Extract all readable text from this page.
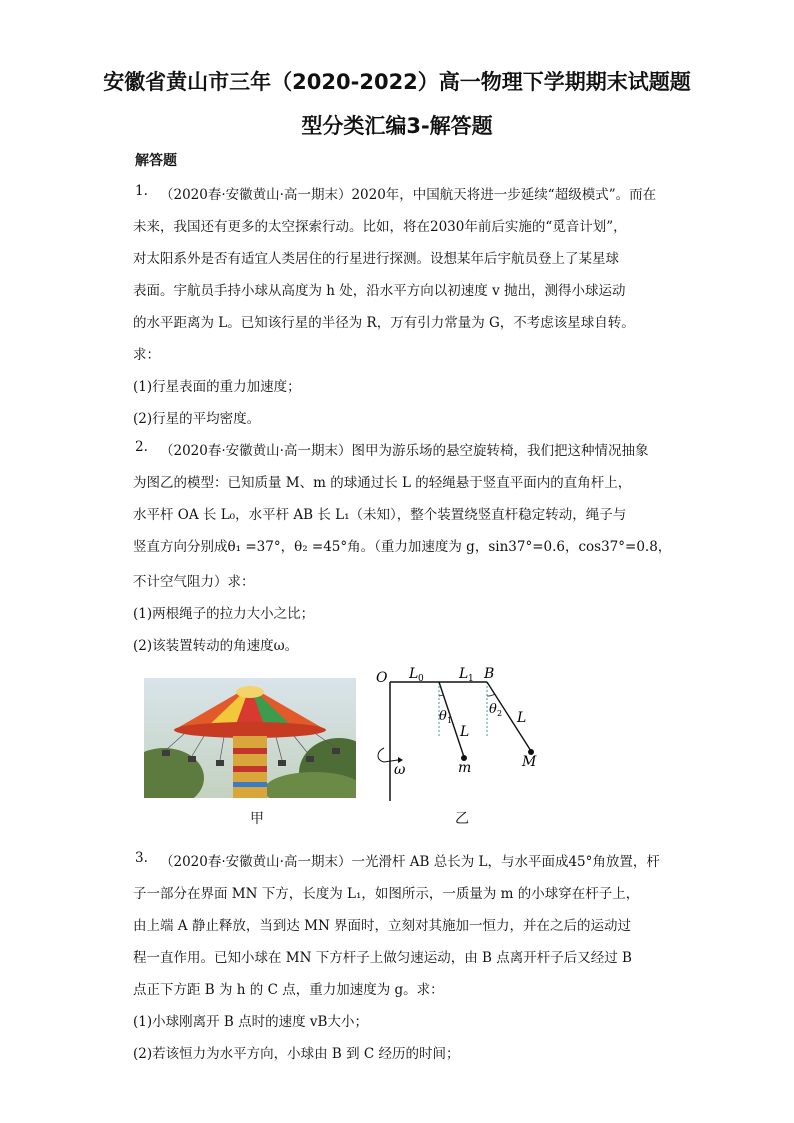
安徽省黄山市三年（2020-2022）高一物理下学期期末试题题
型分类汇编3-解答题
解答题
1. （2020春·安徽黄山·高一期末）2020年，中国航天将进一步延续“超级模式”。而在
未来，我国还有更多的太空探索行动。比如，将在2030年前后实施的“觅音计划”，
对太阳系外是否有适宜人类居住的行星进行探测。设想某年后宇航员登上了某星球
表面。宇航员手持小球从高度为 h 处，沿水平方向以初速度 v 抛出，测得小球运动
的水平距离为 L。已知该行星的半径为 R，万有引力常量为 G，不考虑该星球自转。
求：
(1)行星表面的重力加速度；
(2)行星的平均密度。
2. （2020春·安徽黄山·高一期末）图甲为游乐场的悬空旋转椅，我们把这种情况抽象
为图乙的模型：已知质量 M、m 的球通过长 L 的轻绳悬于竖直平面内的直角杆上，
水平杆 OA 长 L₀，水平杆 AB 长 L₁（未知），整个装置绕竖直杆稳定转动，绳子与
竖直方向分别成θ₁ =37°，θ₂ =45°角。（重力加速度为 g，sin37°=0.6，cos37°=0.8，
不计空气阻力）求：
(1)两根绳子的拉力大小之比；
(2)该装置转动的角速度ω。
甲
O L 0	L 1 B
θ 1
θ 2
L
L
m	M
ω
乙
3. （2020春·安徽黄山·高一期末）一光滑杆 AB 总长为 L，与水平面成45°角放置，杆
子一部分在界面 MN 下方，长度为 L₁，如图所示，一质量为 m 的小球穿在杆子上，
由上端 A 静止释放，当到达 MN 界面时，立刻对其施加一恒力，并在之后的运动过
程一直作用。已知小球在 MN 下方杆子上做匀速运动，由 B 点离开杆子后又经过 B
点正下方距 B 为 h 的 C 点，重力加速度为 g。求：
(1)小球刚离开 B 点时的速度 vB大小；
(2)若该恒力为水平方向，小球由 B 到 C 经历的时间；
